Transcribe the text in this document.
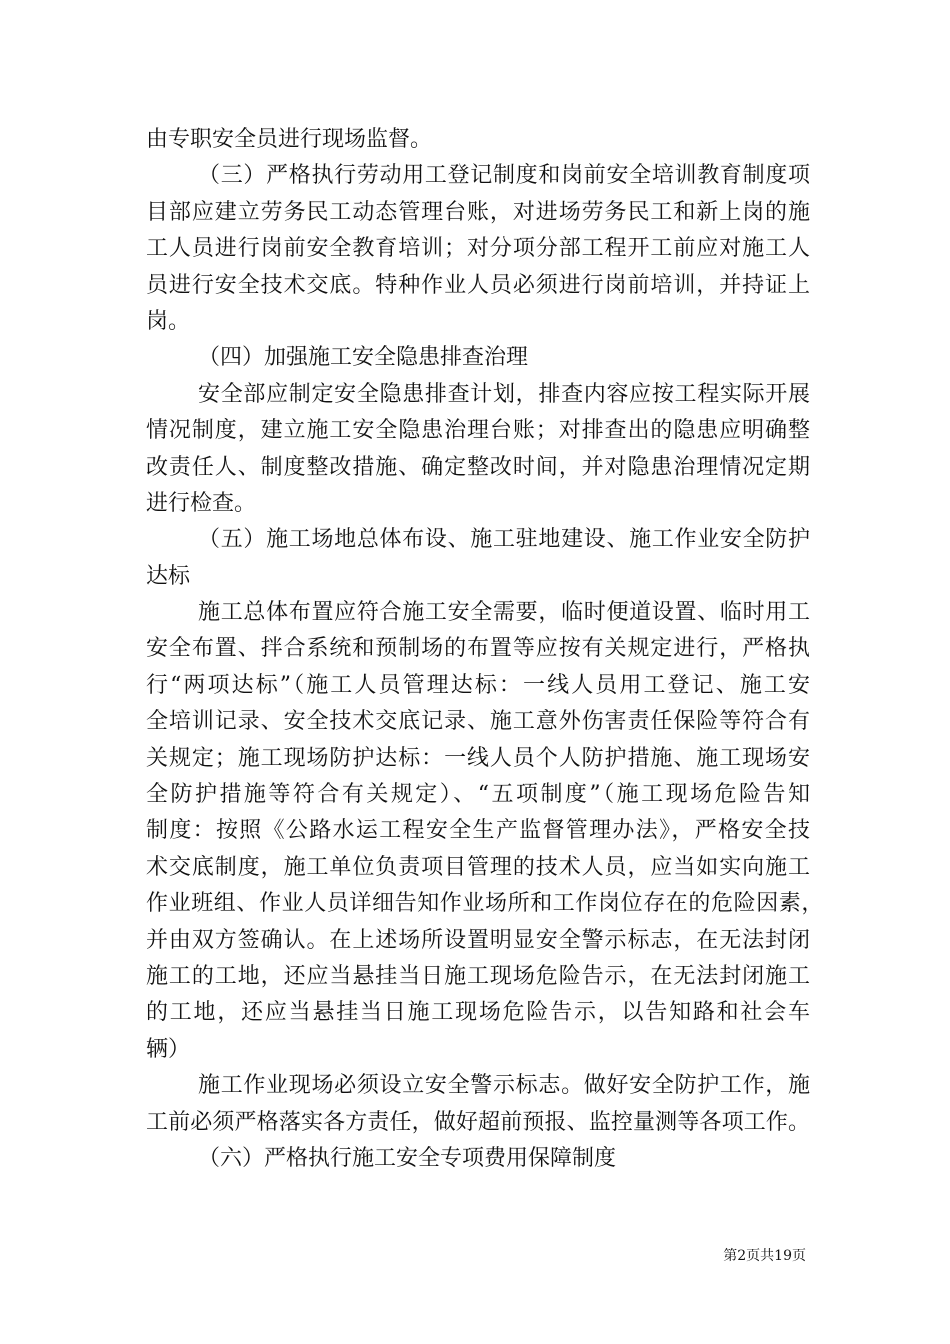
由专职安全员进行现场监督。
（三）严格执行劳动用工登记制度和岗前安全培训教育制度项
目部应建立劳务民工动态管理台账，对进场劳务民工和新上岗的施
工人员进行岗前安全教育培训；对分项分部工程开工前应对施工人
员进行安全技术交底。特种作业人员必须进行岗前培训，并持证上
岗。
（四）加强施工安全隐患排查治理
安全部应制定安全隐患排查计划，排查内容应按工程实际开展
情况制度，建立施工安全隐患治理台账；对排查出的隐患应明确整
改责任人、制度整改措施、确定整改时间，并对隐患治理情况定期
进行检查。
（五）施工场地总体布设、施工驻地建设、施工作业安全防护
达标
施工总体布置应符合施工安全需要，临时便道设置、临时用工
安全布置、拌合系统和预制场的布置等应按有关规定进行，严格执
行“两项达标”（施工人员管理达标：一线人员用工登记、施工安
全培训记录、安全技术交底记录、施工意外伤害责任保险等符合有
关规定；施工现场防护达标：一线人员个人防护措施、施工现场安
全防护措施等符合有关规定）、“五项制度”（施工现场危险告知
制度：按照《公路水运工程安全生产监督管理办法》，严格安全技
术交底制度，施工单位负责项目管理的技术人员，应当如实向施工
作业班组、作业人员详细告知作业场所和工作岗位存在的危险因素，
并由双方签确认。在上述场所设置明显安全警示标志，在无法封闭
施工的工地，还应当悬挂当日施工现场危险告示，在无法封闭施工
的工地，还应当悬挂当日施工现场危险告示，以告知路和社会车
辆）
施工作业现场必须设立安全警示标志。做好安全防护工作，施
工前必须严格落实各方责任，做好超前预报、监控量测等各项工作。
（六）严格执行施工安全专项费用保障制度
第2页共19页
